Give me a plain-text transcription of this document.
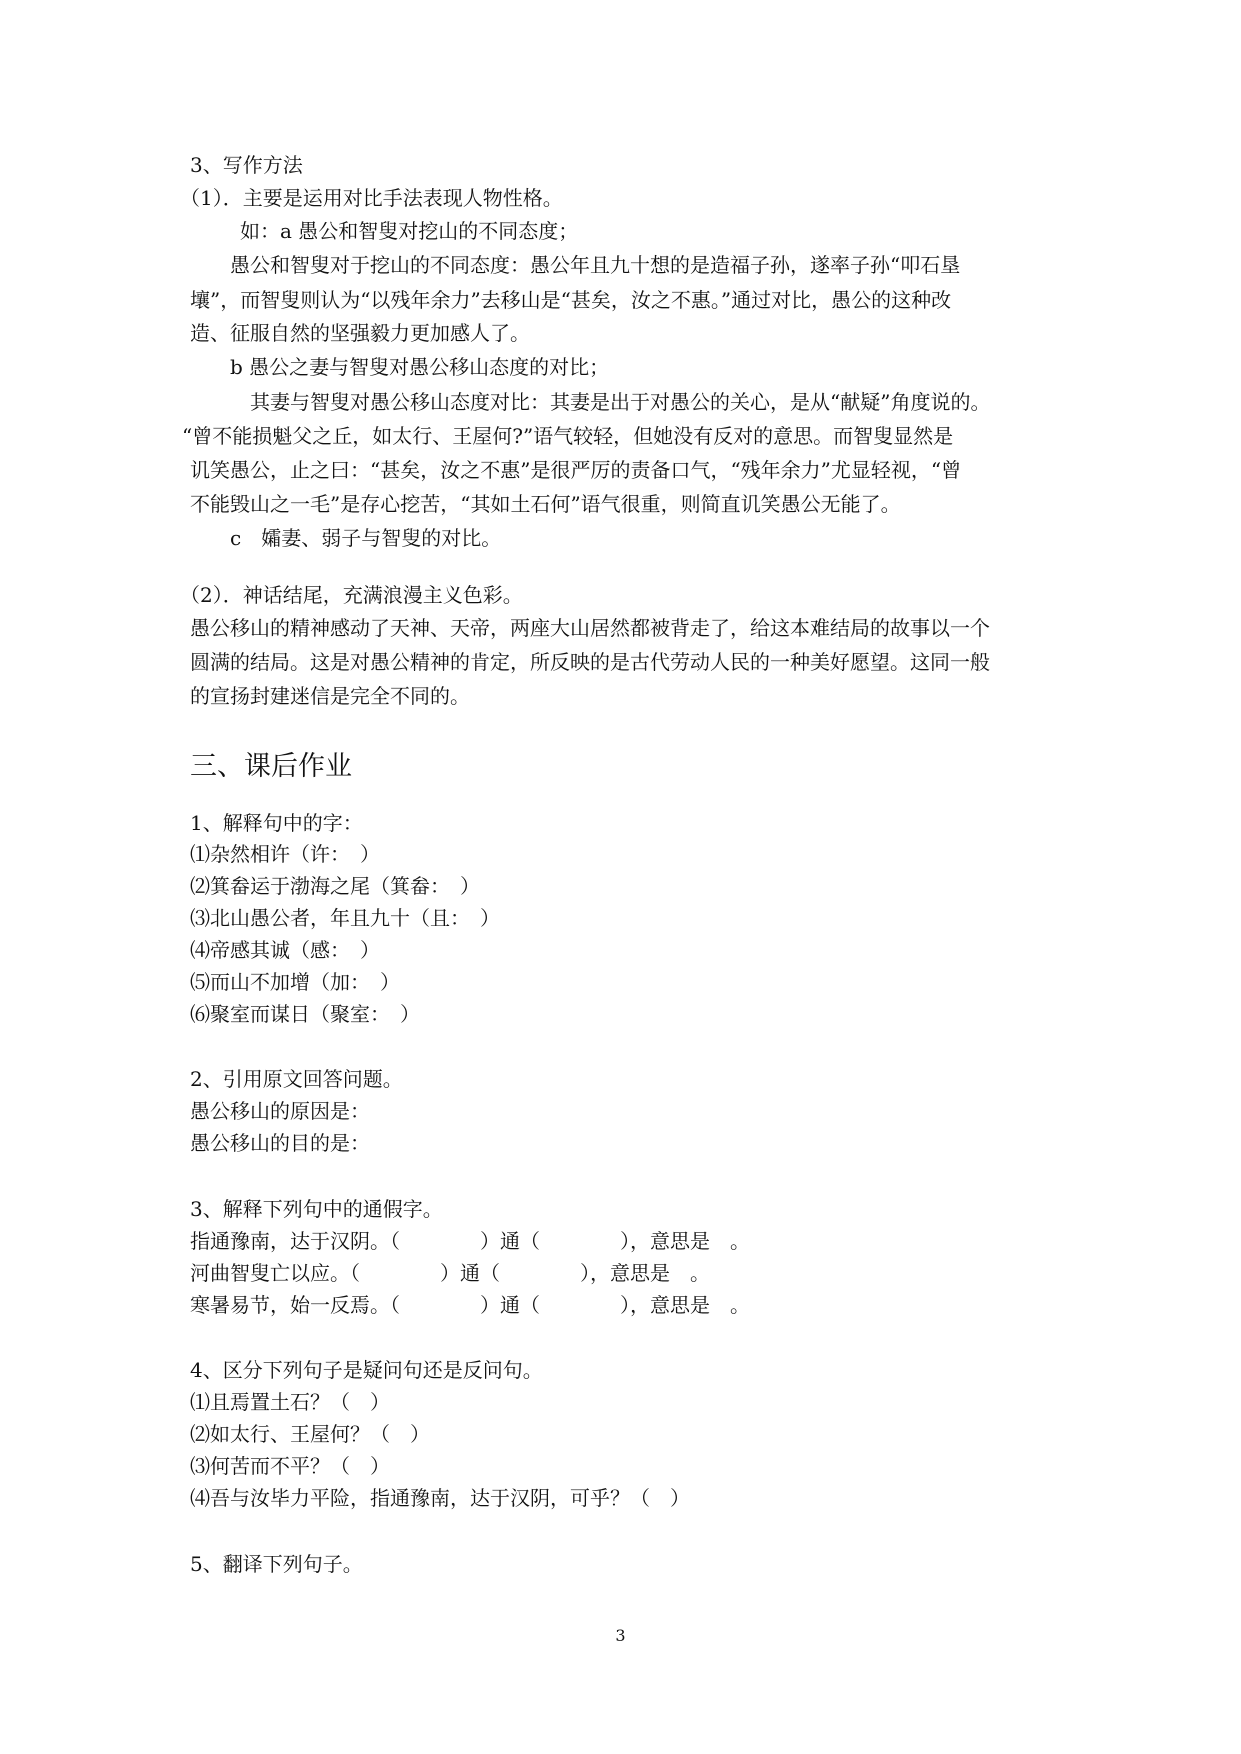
3、写作方法

（1）．主要是运用对比手法表现人物性格。

如：a 愚公和智叟对挖山的不同态度；

愚公和智叟对于挖山的不同态度：愚公年且九十想的是造福子孙，遂率子孙“叩石垦

壤”，而智叟则认为“以残年余力”去移山是“甚矣，汝之不惠。”通过对比，愚公的这种改

造、征服自然的坚强毅力更加感人了。

b 愚公之妻与智叟对愚公移山态度的对比；

其妻与智叟对愚公移山态度对比：其妻是出于对愚公的关心，是从“献疑”角度说的。

“曾不能损魁父之丘，如太行、王屋何?”语气较轻，但她没有反对的意思。而智叟显然是

讥笑愚公，止之曰：“甚矣，汝之不惠”是很严厉的责备口气，“残年余力”尤显轻视，“曾

不能毁山之一毛”是存心挖苦，“其如土石何”语气很重，则简直讥笑愚公无能了。

c　孀妻、弱子与智叟的对比。

（2）．神话结尾，充满浪漫主义色彩。

愚公移山的精神感动了天神、天帝，两座大山居然都被背走了，给这本难结局的故事以一个

圆满的结局。这是对愚公精神的肯定，所反映的是古代劳动人民的一种美好愿望。这同一般

的宣扬封建迷信是完全不同的。

三、课后作业

1、解释句中的字：

⑴杂然相许（许：　）

⑵箕畚运于渤海之尾（箕畚：　）

⑶北山愚公者，年且九十（且：　）

⑷帝感其诚（感：　）

⑸而山不加增（加：　）

⑹聚室而谋日（聚室：　）

2、引用原文回答问题。

愚公移山的原因是：

愚公移山的目的是：

3、解释下列句中的通假字。

指通豫南，达于汉阴。（　　　　）通（　　　　），意思是　。

河曲智叟亡以应。（　　　　）通（　　　　），意思是　。

寒暑易节，始一反焉。（　　　　）通（　　　　），意思是　。

4、区分下列句子是疑问句还是反问句。

⑴且焉置土石？（　）

⑵如太行、王屋何？（　）

⑶何苦而不平？（　）

⑷吾与汝毕力平险，指通豫南，达于汉阴，可乎？（　）

5、翻译下列句子。

3
